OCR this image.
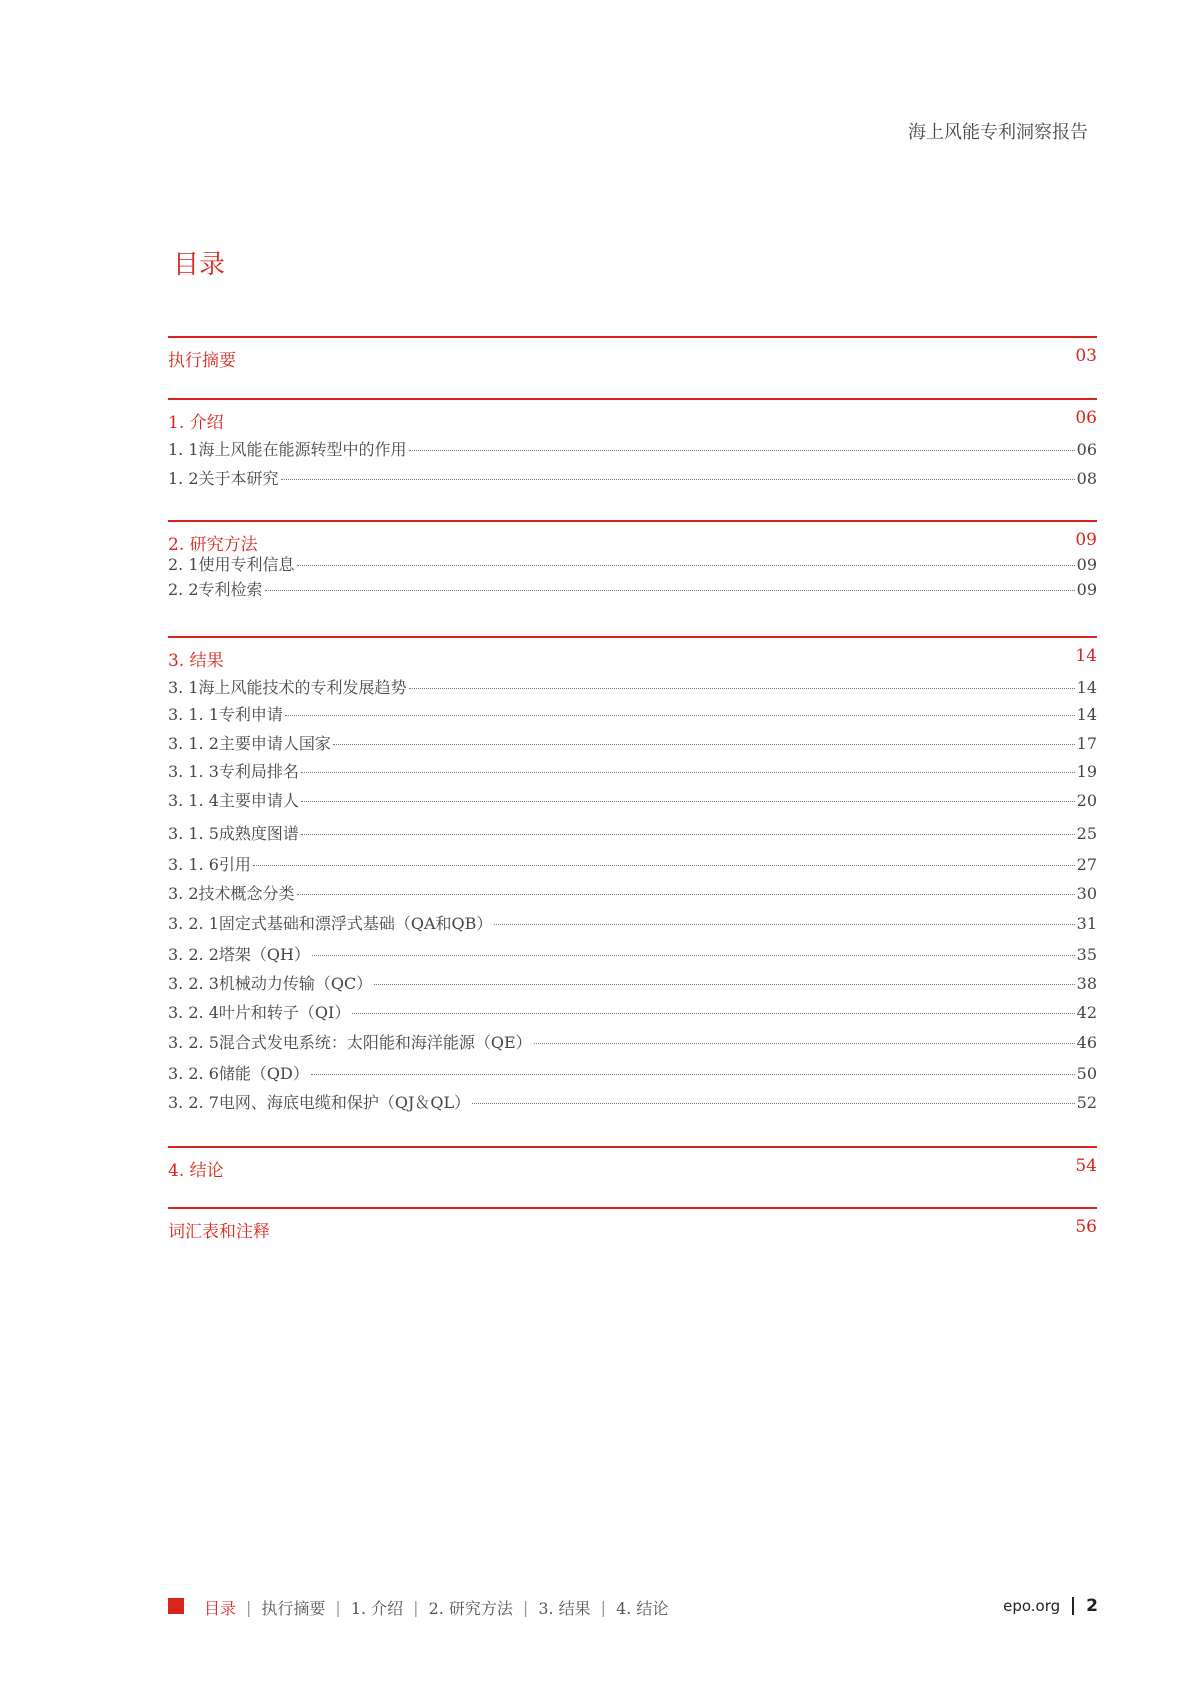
海上风能专利洞察报告
目录
执行摘要	03
1. 介绍	06
1. 1海上风能在能源转型中的作用	06
1. 2关于本研究	08
2. 研究方法	09
2. 1使用专利信息	09
2. 2专利检索	09
3. 结果	14
3. 1海上风能技术的专利发展趋势	14
3. 1. 1专利申请	14
3. 1. 2主要申请人国家	17
3. 1. 3专利局排名	19
3. 1. 4主要申请人	20
3. 1. 5成熟度图谱	25
3. 1. 6引用	27
3. 2技术概念分类	30
3. 2. 1固定式基础和漂浮式基础（QA和QB）	31
3. 2. 2塔架（QH）	35
3. 2. 3机械动力传输（QC）	38
3. 2. 4叶片和转子（QI）	42
3. 2. 5混合式发电系统：太阳能和海洋能源（QE）	46
3. 2. 6储能（QD）	50
3. 2. 7电网、海底电缆和保护（QJ＆QL）	52
4. 结论	54
词汇表和注释	56
目录 | 执行摘要 | 1. 介绍 | 2. 研究方法 | 3. 结果 | 4. 结论	epo.org 2
